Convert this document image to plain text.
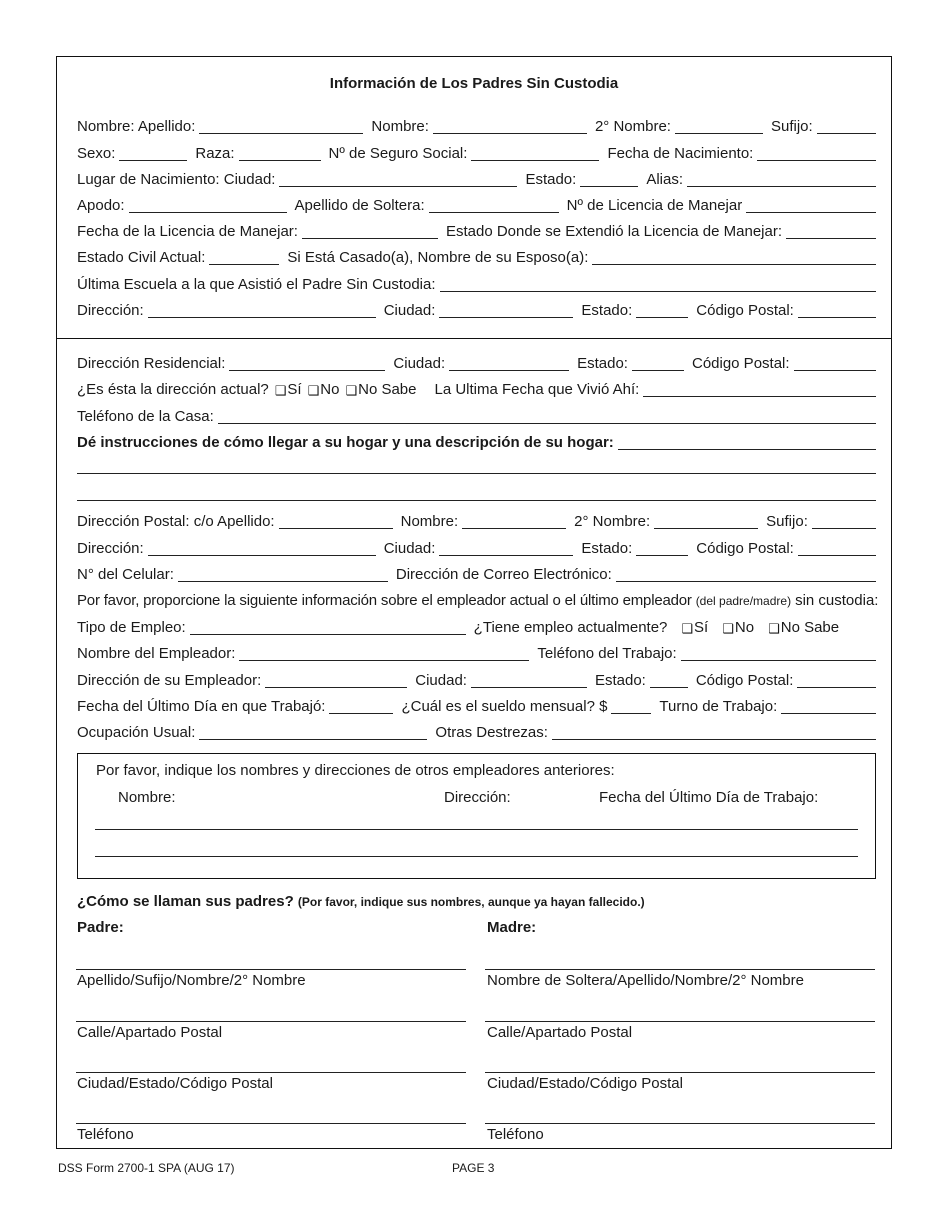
Información de Los Padres Sin Custodia
Nombre: Apellido:	Nombre:	2° Nombre:	Sufijo:
Sexo:	Raza:	Nº de Seguro Social:	Fecha de Nacimiento:
Lugar de Nacimiento: Ciudad:	Estado:	Alias:
Apodo:	Apellido de Soltera:	Nº de Licencia de Manejar
Fecha de la Licencia de Manejar:	Estado Donde se Extendió la Licencia de Manejar:
Estado Civil Actual:	Si Está Casado(a), Nombre de su Esposo(a):
Última Escuela a la que Asistió el Padre Sin Custodia:
Dirección:	Ciudad:	Estado:	Código Postal:
Dirección Residencial:	Ciudad:	Estado:	Código Postal:
¿Es ésta la dirección actual? ❑ Sí ❑ No ❑ No Sabe La Ultima Fecha que Vivió Ahí:
Teléfono de la Casa:
Dé instrucciones de cómo llegar a su hogar y una descripción de su hogar:
Dirección Postal: c/o Apellido:	Nombre:	2° Nombre:	Sufijo:
Dirección:	Ciudad:	Estado:	Código Postal:
N° del Celular:	Dirección de Correo Electrónico:
Por favor, proporcione la siguiente información sobre el empleador actual o el último empleador (del padre/madre) sin custodia:
Tipo de Empleo:	¿Tiene empleo actualmente? ❑ Sí ❑ No ❑ No Sabe
Nombre del Empleador:	Teléfono del Trabajo:
Dirección de su Empleador:	Ciudad:	Estado:	Código Postal:
Fecha del Último Día en que Trabajó:	¿Cuál es el sueldo mensual? $	Turno de Trabajo:
Ocupación Usual:	Otras Destrezas:
Por favor, indique los nombres y direcciones de otros empleadores anteriores:
Nombre:	Dirección:	Fecha del Último Día de Trabajo:
¿Cómo se llaman sus padres? (Por favor, indique sus nombres, aunque ya hayan fallecido.)
Padre:	Madre:
Apellido/Sufijo/Nombre/2° Nombre	Nombre de Soltera/Apellido/Nombre/2° Nombre
Calle/Apartado Postal	Calle/Apartado Postal
Ciudad/Estado/Código Postal	Ciudad/Estado/Código Postal
Teléfono	Teléfono
DSS Form 2700-1 SPA (AUG 17)	PAGE 3
